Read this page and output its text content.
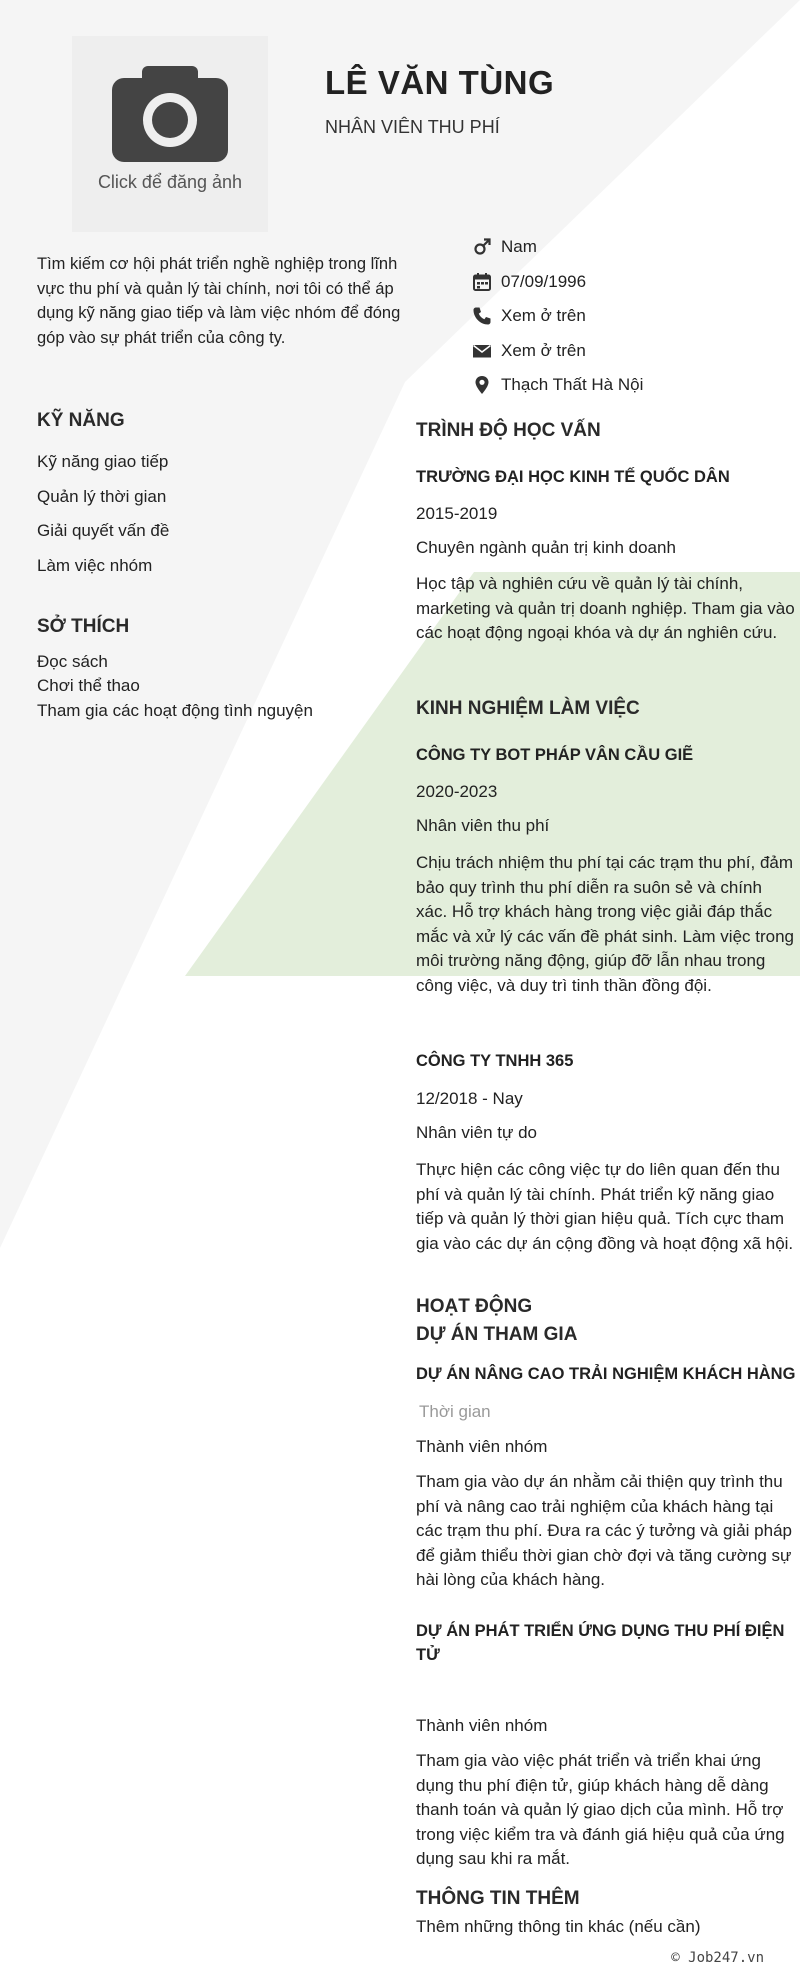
Click để đăng ảnh
LÊ VĂN TÙNG
NHÂN VIÊN THU PHÍ
Tìm kiếm cơ hội phát triển nghề nghiệp trong lĩnh vực thu phí và quản lý tài chính, nơi tôi có thể áp dụng kỹ năng giao tiếp và làm việc nhóm để đóng góp vào sự phát triển của công ty.
Nam
07/09/1996
Xem ở trên
Xem ở trên
Thạch Thất Hà Nội
KỸ NĂNG
Kỹ năng giao tiếp
Quản lý thời gian
Giải quyết vấn đề
Làm việc nhóm
SỞ THÍCH
Đọc sách
Chơi thể thao
Tham gia các hoạt động tình nguyện
TRÌNH ĐỘ HỌC VẤN
TRƯỜNG ĐẠI HỌC KINH TẾ QUỐC DÂN
2015-2019
Chuyên ngành quản trị kinh doanh
Học tập và nghiên cứu về quản lý tài chính, marketing và quản trị doanh nghiệp. Tham gia vào các hoạt động ngoại khóa và dự án nghiên cứu.
KINH NGHIỆM LÀM VIỆC
CÔNG TY BOT PHÁP VÂN CẦU GIẼ
2020-2023
Nhân viên thu phí
Chịu trách nhiệm thu phí tại các trạm thu phí, đảm bảo quy trình thu phí diễn ra suôn sẻ và chính xác. Hỗ trợ khách hàng trong việc giải đáp thắc mắc và xử lý các vấn đề phát sinh. Làm việc trong môi trường năng động, giúp đỡ lẫn nhau trong công việc, và duy trì tinh thần đồng đội.
CÔNG TY TNHH 365
12/2018 - Nay
Nhân viên tự do
Thực hiện các công việc tự do liên quan đến thu phí và quản lý tài chính. Phát triển kỹ năng giao tiếp và quản lý thời gian hiệu quả. Tích cực tham gia vào các dự án cộng đồng và hoạt động xã hội.
HOẠT ĐỘNG
DỰ ÁN THAM GIA
DỰ ÁN NÂNG CAO TRẢI NGHIỆM KHÁCH HÀNG
Thời gian
Thành viên nhóm
Tham gia vào dự án nhằm cải thiện quy trình thu phí và nâng cao trải nghiệm của khách hàng tại các trạm thu phí. Đưa ra các ý tưởng và giải pháp để giảm thiểu thời gian chờ đợi và tăng cường sự hài lòng của khách hàng.
DỰ ÁN PHÁT TRIỂN ỨNG DỤNG THU PHÍ ĐIỆN TỬ
Thành viên nhóm
Tham gia vào việc phát triển và triển khai ứng dụng thu phí điện tử, giúp khách hàng dễ dàng thanh toán và quản lý giao dịch của mình. Hỗ trợ trong việc kiểm tra và đánh giá hiệu quả của ứng dụng sau khi ra mắt.
THÔNG TIN THÊM
Thêm những thông tin khác (nếu cần)
© Job247.vn
